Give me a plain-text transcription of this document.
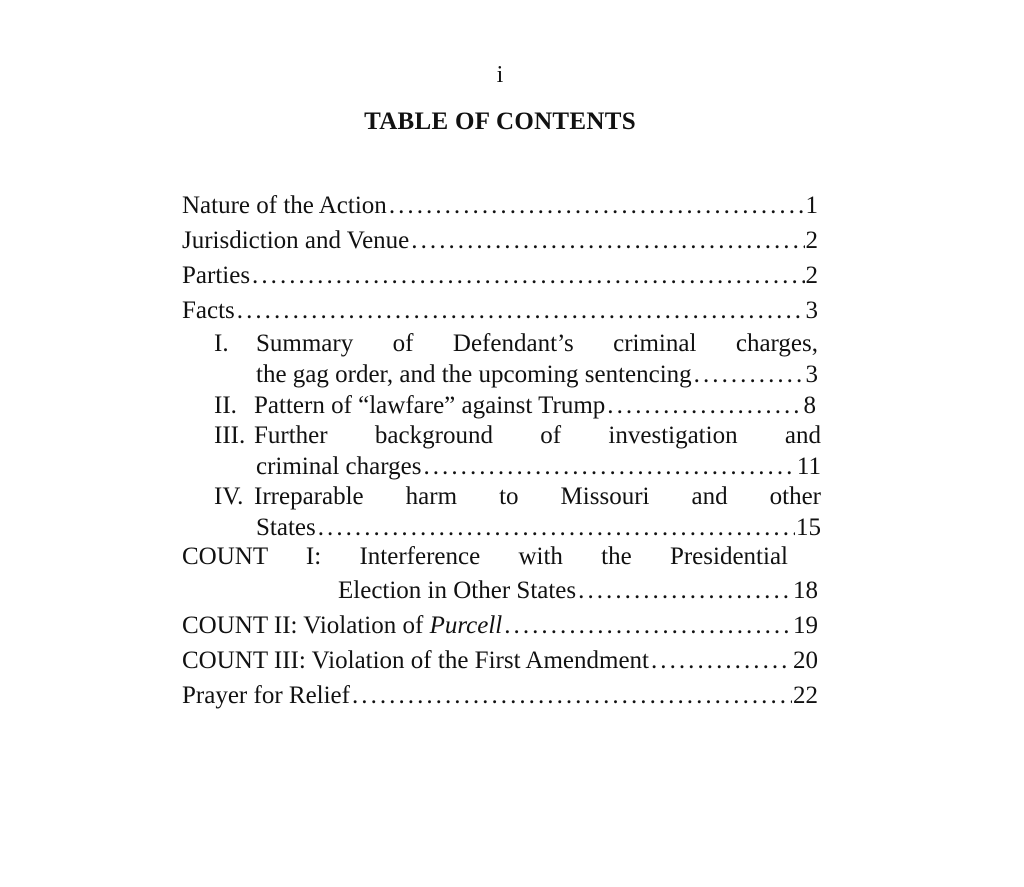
i
TABLE OF CONTENTS
Nature of the Action . . .	1
Jurisdiction and Venue . . .	2
Parties . . .	2
Facts . . .	3
I. Summary of Defendant’s criminal charges,
the gag order, and the upcoming sentencing . . .	3
II. Pattern of “lawfare” against Trump . . .	8
III. Further background of investigation and
criminal charges . . .	11
IV. Irreparable harm to Missouri and other
States . . .	15
COUNT I: Interference with the Presidential
Election in Other States . . .	18
COUNT II: Violation of Purcell . . .	19
COUNT III: Violation of the First Amendment . . .	20
Prayer for Relief . . .	22
